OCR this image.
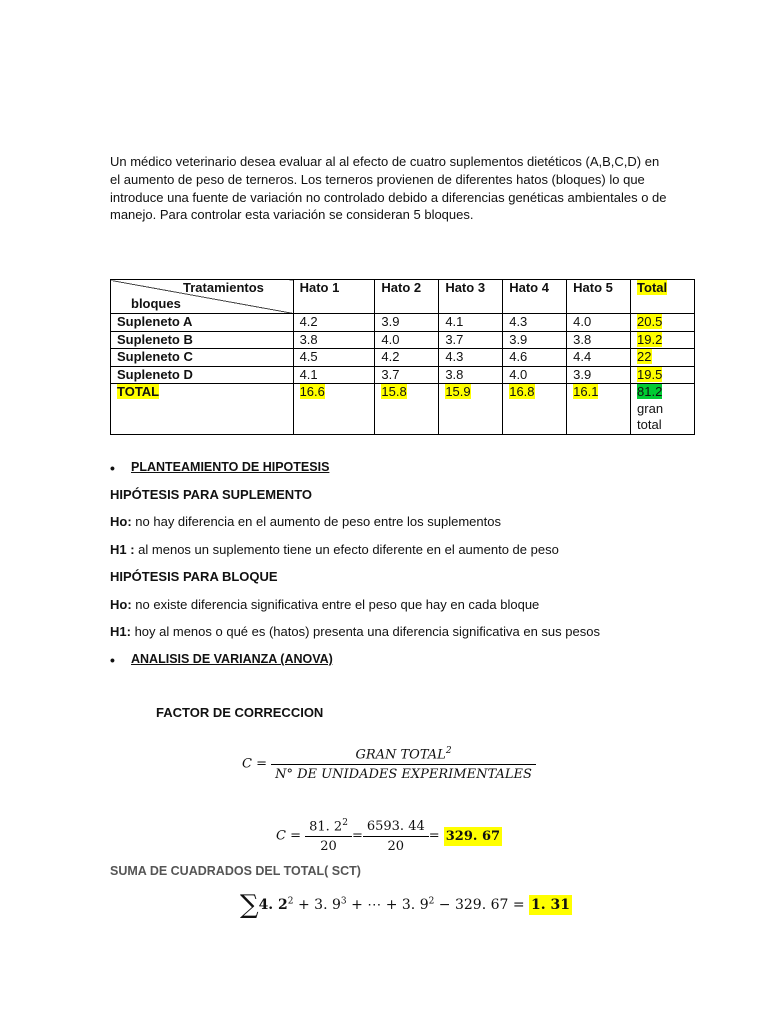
Un médico veterinario desea evaluar al al efecto de cuatro suplementos dietéticos (A,B,C,D) en el aumento de peso de terneros. Los terneros provienen de diferentes hatos (bloques) lo que introduce una fuente de variación no controlado debido a diferencias genéticas ambientales o de manejo. Para controlar esta variación se consideran 5 bloques.

Tratamientos
bloques	Hato 1	Hato 2	Hato 3	Hato 4	Hato 5	Total
Supleneto A	4.2	3.9	4.1	4.3	4.0	20.5
Supleneto B	3.8	4.0	3.7	3.9	3.8	19.2
Supleneto C	4.5	4.2	4.3	4.6	4.4	22
Supleneto D	4.1	3.7	3.8	4.0	3.9	19.5
TOTAL	16.6	15.8	15.9	16.8	16.1	81.2
gran total

• PLANTEAMIENTO DE HIPOTESIS

HIPÓTESIS PARA SUPLEMENTO

Ho: no hay diferencia en el aumento de peso entre los suplementos

H1 : al menos un suplemento tiene un efecto diferente en el aumento de peso

HIPÓTESIS PARA BLOQUE

Ho: no existe diferencia significativa entre el peso que hay en cada bloque

H1: hoy al menos o qué es (hatos) presenta una diferencia significativa en sus pesos

• ANALISIS DE VARIANZA (ANOVA)

FACTOR DE CORRECCION

$C = \frac{GRAN TOTAL^2}{\text{N° DE UNIDADES EXPERIMENTALES}}$
$C = \frac{81. 2^2}{20} = \frac{6593. 44}{20} = 329$. 67

SUMA DE CUADRADOS DEL TOTAL( SCT)

∑4. $2^2 + 3$. $9^3$ + ⋯ + 3. $9^2 - 329$. 67 = 1. 31
